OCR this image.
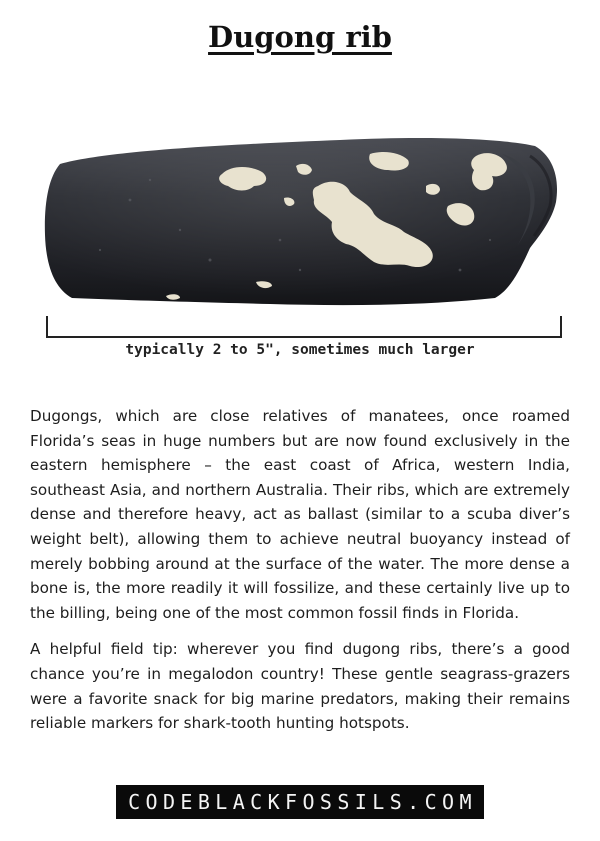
Dugong rib
typically 2 to 5", sometimes much larger

Dugongs, which are close relatives of manatees, once roamed Florida’s seas in huge numbers but are now found exclusively in the eastern hemisphere – the east coast of Africa, western India, southeast Asia, and northern Australia. Their ribs, which are extremely dense and therefore heavy, act as ballast (similar to a scuba diver’s weight belt), allowing them to achieve neutral buoyancy instead of merely bobbing around at the surface of the water. The more dense a bone is, the more readily it will fossilize, and these certainly live up to the billing, being one of the most common fossil finds in Florida.

A helpful field tip: wherever you find dugong ribs, there’s a good chance you’re in megalodon country! These gentle seagrass-grazers were a favorite snack for big marine predators, making their remains reliable markers for shark-tooth hunting hotspots.

CODEBLACKFOSSILS.COM
